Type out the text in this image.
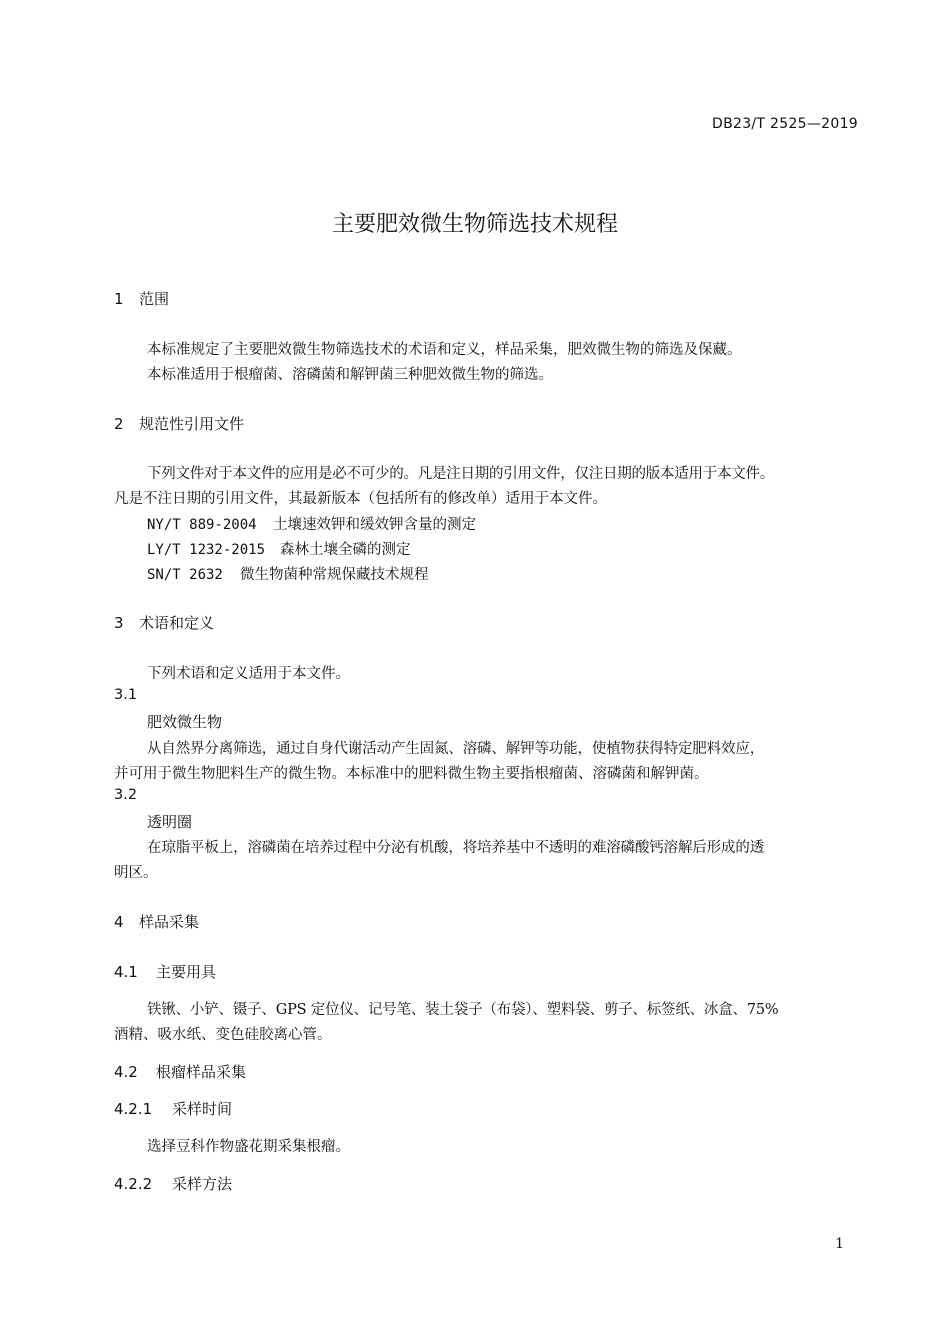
DB23/T 2525—2019
主要肥效微生物筛选技术规程
1 范围
本标准规定了主要肥效微生物筛选技术的术语和定义，样品采集，肥效微生物的筛选及保藏。
本标准适用于根瘤菌、溶磷菌和解钾菌三种肥效微生物的筛选。
2 规范性引用文件
下列文件对于本文件的应用是必不可少的。凡是注日期的引用文件，仅注日期的版本适用于本文件。
凡是不注日期的引用文件，其最新版本（包括所有的修改单）适用于本文件。
NY/T 889-2004 土壤速效钾和缓效钾含量的测定
LY/T 1232-2015 森林土壤全磷的测定
SN/T 2632 微生物菌种常规保藏技术规程
3 术语和定义
下列术语和定义适用于本文件。
3.1
肥效微生物
从自然界分离筛选，通过自身代谢活动产生固氮、溶磷、解钾等功能，使植物获得特定肥料效应，
并可用于微生物肥料生产的微生物。本标准中的肥料微生物主要指根瘤菌、溶磷菌和解钾菌。
3.2
透明圈
在琼脂平板上，溶磷菌在培养过程中分泌有机酸，将培养基中不透明的难溶磷酸钙溶解后形成的透
明区。
4 样品采集
4.1 主要用具
铁锹、小铲、镊子、GPS 定位仪、记号笔、装土袋子（布袋）、塑料袋、剪子、标签纸、冰盒、75%
酒精、吸水纸、变色硅胶离心管。
4.2 根瘤样品采集
4.2.1 采样时间
选择豆科作物盛花期采集根瘤。
4.2.2 采样方法
1
